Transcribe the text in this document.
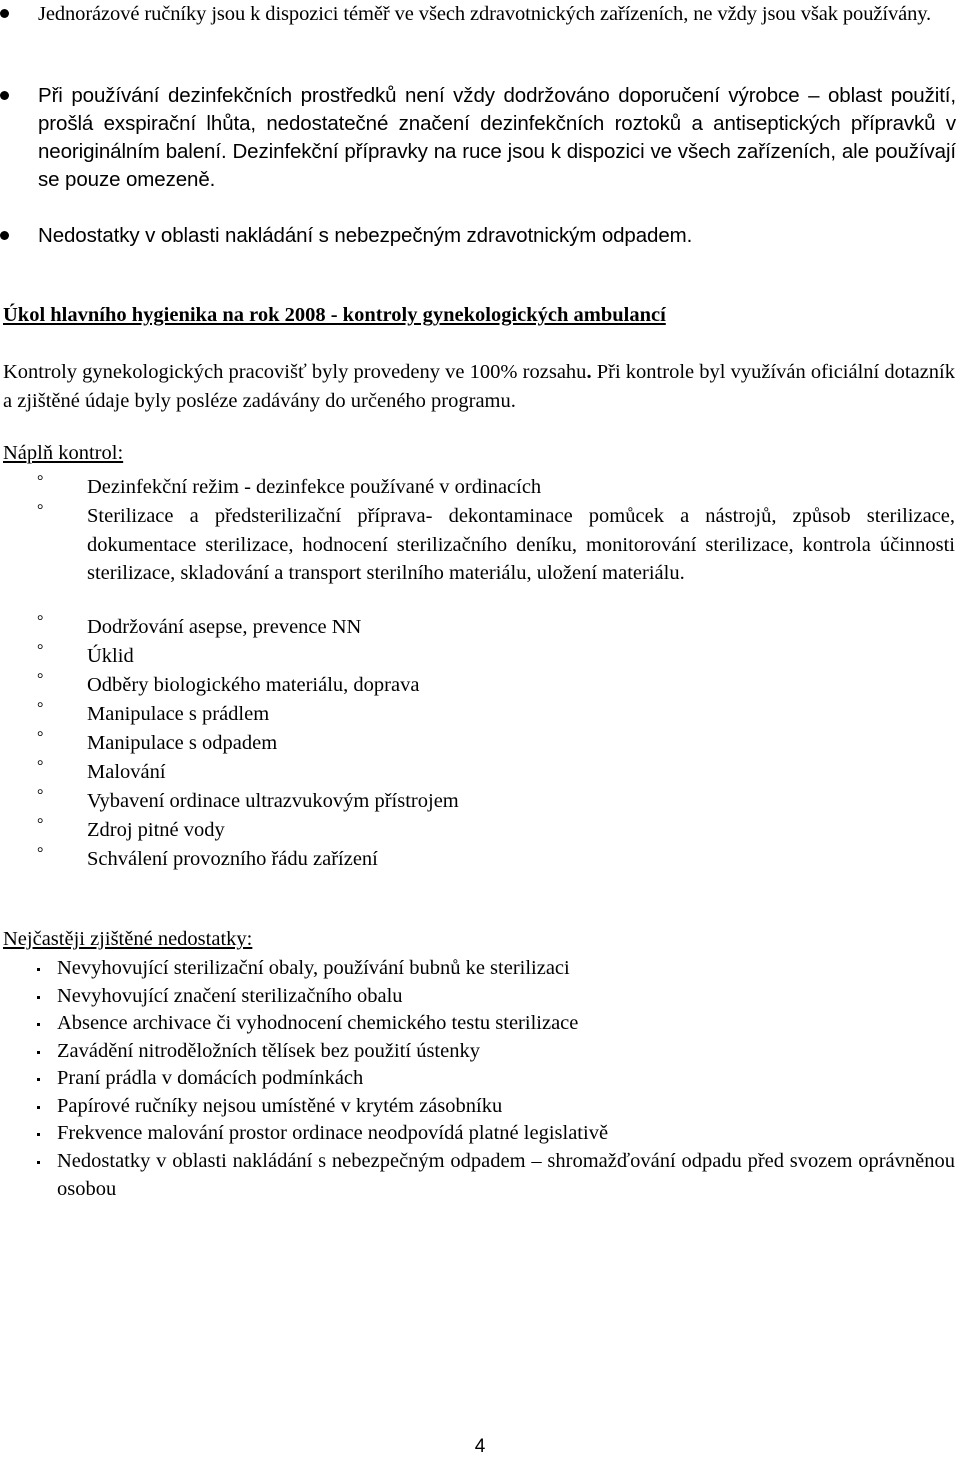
Jednorázové ručníky jsou k dispozici téměř ve všech zdravotnických zařízeních, ne vždy jsou však používány.
Při používání dezinfekčních prostředků není vždy dodržováno doporučení výrobce – oblast použití, prošlá exspirační lhůta, nedostatečné značení dezinfekčních roztoků a antiseptických přípravků v neoriginálním balení. Dezinfekční přípravky na ruce jsou k dispozici ve všech zařízeních, ale používají se pouze omezeně.
Nedostatky v oblasti nakládání s nebezpečným zdravotnickým odpadem.
Úkol hlavního hygienika na rok 2008 - kontroly gynekologických ambulancí
Kontroly gynekologických pracovišť byly provedeny ve 100% rozsahu. Při kontrole byl využíván oficiální dotazník a zjištěné údaje byly posléze zadávány do určeného programu.
Náplň kontrol:
° Dezinfekční režim - dezinfekce používané v ordinacích
° Sterilizace a předsterilizační příprava- dekontaminace pomůcek a nástrojů, způsob sterilizace, dokumentace sterilizace, hodnocení sterilizačního deníku, monitorování sterilizace, kontrola účinnosti sterilizace, skladování a transport sterilního materiálu, uložení materiálu.
° Dodržování asepse, prevence NN
° Úklid
° Odběry biologického materiálu, doprava
° Manipulace s prádlem
° Manipulace s odpadem
° Malování
° Vybavení ordinace ultrazvukovým přístrojem
° Zdroj pitné vody
° Schválení provozního řádu zařízení
Nejčastěji zjištěné nedostatky:
Nevyhovující sterilizační obaly, používání bubnů ke sterilizaci
Nevyhovující značení sterilizačního obalu
Absence archivace či vyhodnocení chemického testu sterilizace
Zavádění nitroděložních tělísek bez použití ústenky
Praní prádla v domácích podmínkách
Papírové ručníky nejsou umístěné v krytém zásobníku
Frekvence malování prostor ordinace neodpovídá platné legislativě
Nedostatky v oblasti nakládání s nebezpečným odpadem – shromažďování odpadu před svozem oprávněnou osobou
4
